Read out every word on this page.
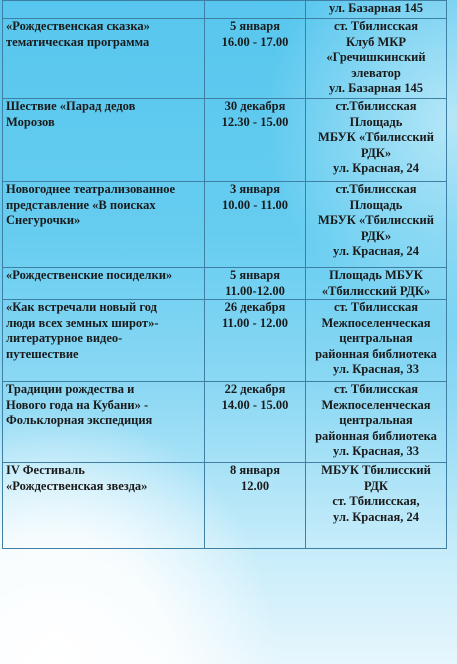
		ул. Базарная 145

«Рождественская сказка»
тематическая программа	5 января
16.00 - 17.00	ст. Тбилисская
Клуб МКР
«Гречишкинский
элеватор
ул. Базарная 145

Шествие «Парад дедов
Морозов	30 декабря
12.30 - 15.00	ст.Тбилисская
Площадь
МБУК «Тбилисский
РДК»
ул. Красная, 24

Новогоднее театрализованное
представление «В поисках
Снегурочки»	3 января
10.00 - 11.00	ст.Тбилисская
Площадь
МБУК «Тбилисский
РДК»
ул. Красная, 24

«Рождественские посиделки»	5 января
11.00-12.00	Площадь МБУК
«Тбилисский РДК»

«Как встречали новый год
люди всех земных широт»-
литературное видео-
путешествие	26 декабря
11.00 - 12.00	ст. Тбилисская
Межпоселенческая
центральная
районная библиотека
ул. Красная, 33

Традиции рождества и
Нового года на Кубани» -
Фольклорная экспедиция	22 декабря
14.00 - 15.00	ст. Тбилисская
Межпоселенческая
центральная
районная библиотека
ул. Красная, 33

IV Фестиваль
«Рождественская звезда»	8 января
12.00	МБУК Тбилисский
РДК
ст. Тбилисская,
ул. Красная, 24
